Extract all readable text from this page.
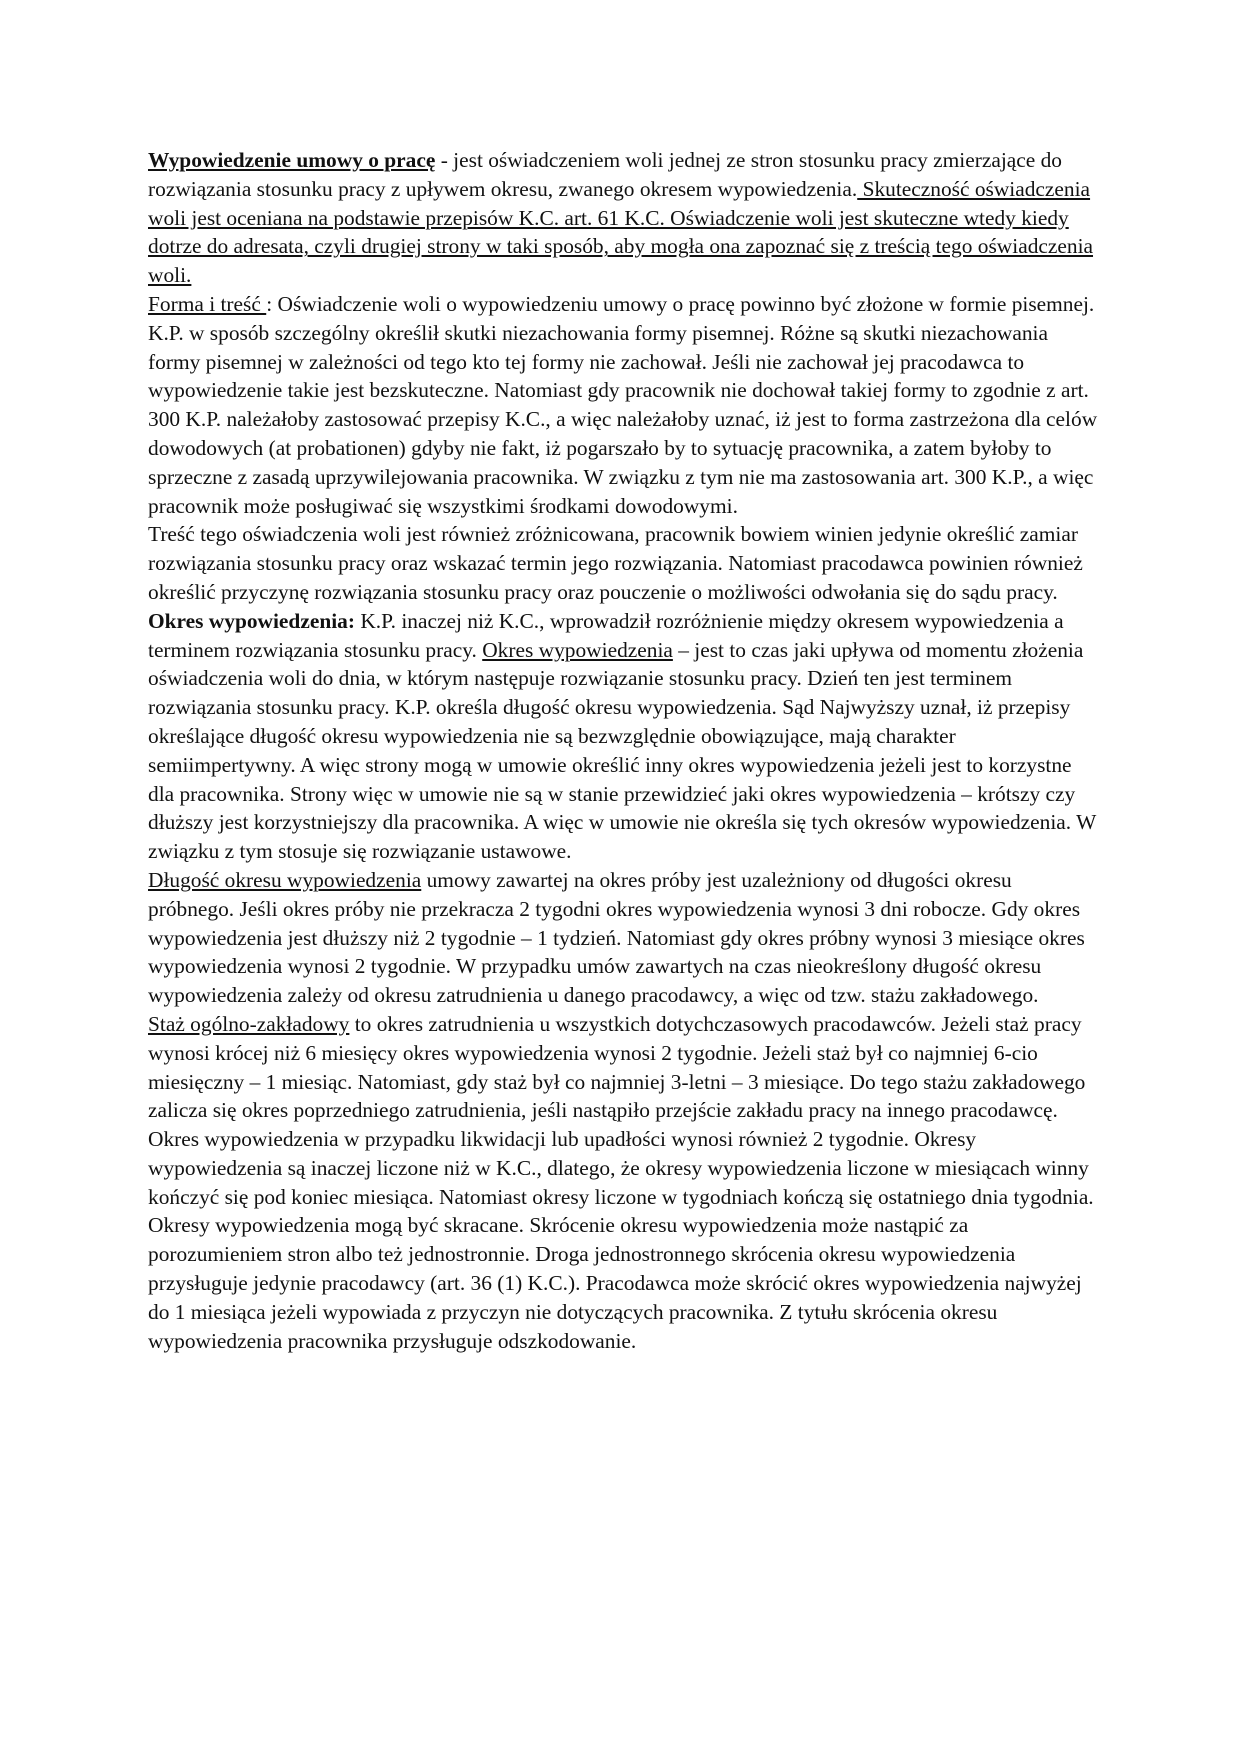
Wypowiedzenie umowy o pracę - jest oświadczeniem woli jednej ze stron stosunku pracy zmierzające do rozwiązania stosunku pracy z upływem okresu, zwanego okresem wypowiedzenia. Skuteczność oświadczenia woli jest oceniana na podstawie przepisów K.C. art. 61 K.C. Oświadczenie woli jest skuteczne wtedy kiedy dotrze do adresata, czyli drugiej strony w taki sposób, aby mogła ona zapoznać się z treścią tego oświadczenia woli.

Forma i treść : Oświadczenie woli o wypowiedzeniu umowy o pracę powinno być złożone w formie pisemnej. K.P. w sposób szczególny określił skutki niezachowania formy pisemnej. Różne są skutki niezachowania formy pisemnej w zależności od tego kto tej formy nie zachował. Jeśli nie zachował jej pracodawca to wypowiedzenie takie jest bezskuteczne. Natomiast gdy pracownik nie dochował takiej formy to zgodnie z art. 300 K.P. należałoby zastosować przepisy K.C., a więc należałoby uznać, iż jest to forma zastrzeżona dla celów dowodowych (at probationen) gdyby nie fakt, iż pogarszało by to sytuację pracownika, a zatem byłoby to sprzeczne z zasadą uprzywilejowania pracownika. W związku z tym nie ma zastosowania art. 300 K.P., a więc pracownik może posługiwać się wszystkimi środkami dowodowymi.

Treść tego oświadczenia woli jest również zróżnicowana, pracownik bowiem winien jedynie określić zamiar rozwiązania stosunku pracy oraz wskazać termin jego rozwiązania. Natomiast pracodawca powinien również określić przyczynę rozwiązania stosunku pracy oraz pouczenie o możliwości odwołania się do sądu pracy.

Okres wypowiedzenia: K.P. inaczej niż K.C., wprowadził rozróżnienie między okresem wypowiedzenia a terminem rozwiązania stosunku pracy. Okres wypowiedzenia – jest to czas jaki upływa od momentu złożenia oświadczenia woli do dnia, w którym następuje rozwiązanie stosunku pracy. Dzień ten jest terminem rozwiązania stosunku pracy. K.P. określa długość okresu wypowiedzenia. Sąd Najwyższy uznał, iż przepisy określające długość okresu wypowiedzenia nie są bezwzględnie obowiązujące, mają charakter semiimpertywny. A więc strony mogą w umowie określić inny okres wypowiedzenia jeżeli jest to korzystne dla pracownika. Strony więc w umowie nie są w stanie przewidzieć jaki okres wypowiedzenia – krótszy czy dłuższy jest korzystniejszy dla pracownika. A więc w umowie nie określa się tych okresów wypowiedzenia. W związku z tym stosuje się rozwiązanie ustawowe.

Długość okresu wypowiedzenia umowy zawartej na okres próby jest uzależniony od długości okresu próbnego. Jeśli okres próby nie przekracza 2 tygodni okres wypowiedzenia wynosi 3 dni robocze. Gdy okres wypowiedzenia jest dłuższy niż 2 tygodnie – 1 tydzień. Natomiast gdy okres próbny wynosi 3 miesiące okres wypowiedzenia wynosi 2 tygodnie. W przypadku umów zawartych na czas nieokreślony długość okresu wypowiedzenia zależy od okresu zatrudnienia u danego pracodawcy, a więc od tzw. stażu zakładowego.

Staż ogólno-zakładowy to okres zatrudnienia u wszystkich dotychczasowych pracodawców. Jeżeli staż pracy wynosi krócej niż 6 miesięcy okres wypowiedzenia wynosi 2 tygodnie. Jeżeli staż był co najmniej 6-cio miesięczny – 1 miesiąc. Natomiast, gdy staż był co najmniej 3-letni – 3 miesiące. Do tego stażu zakładowego zalicza się okres poprzedniego zatrudnienia, jeśli nastąpiło przejście zakładu pracy na innego pracodawcę.

Okres wypowiedzenia w przypadku likwidacji lub upadłości wynosi również 2 tygodnie. Okresy wypowiedzenia są inaczej liczone niż w K.C., dlatego, że okresy wypowiedzenia liczone w miesiącach winny kończyć się pod koniec miesiąca. Natomiast okresy liczone w tygodniach kończą się ostatniego dnia tygodnia. Okresy wypowiedzenia mogą być skracane. Skrócenie okresu wypowiedzenia może nastąpić za porozumieniem stron albo też jednostronnie. Droga jednostronnego skrócenia okresu wypowiedzenia przysługuje jedynie pracodawcy (art. 36 (1) K.C.). Pracodawca może skrócić okres wypowiedzenia najwyżej do 1 miesiąca jeżeli wypowiada z przyczyn nie dotyczących pracownika. Z tytułu skrócenia okresu wypowiedzenia pracownika przysługuje odszkodowanie.
